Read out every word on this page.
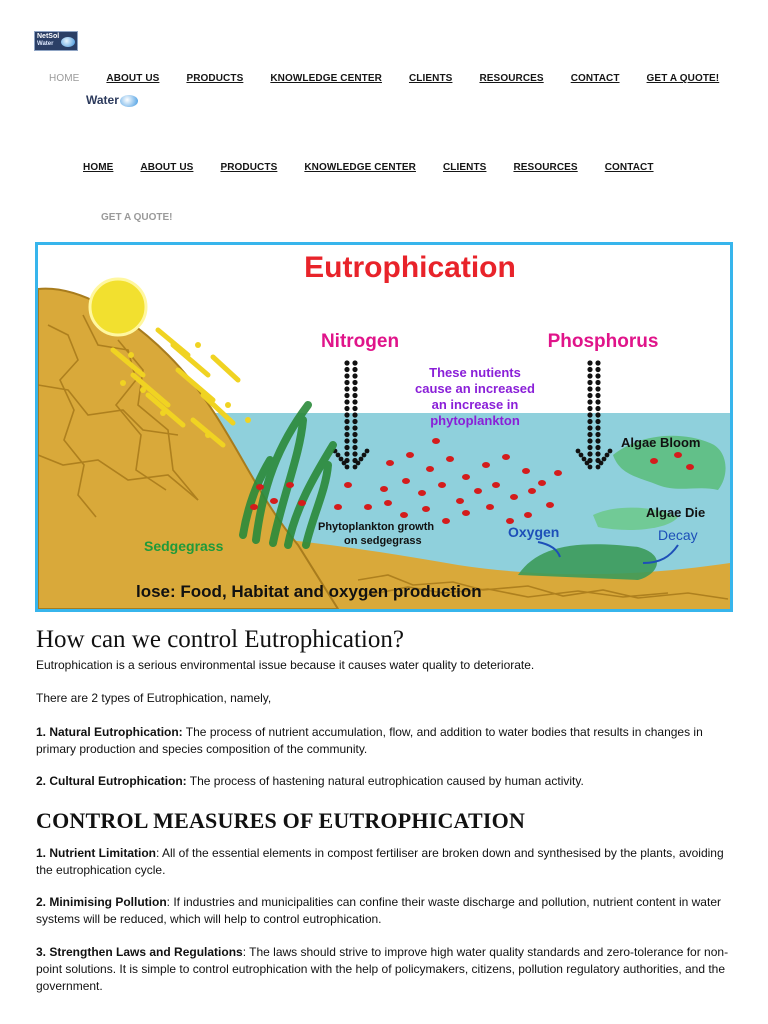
NetSol
Water
HOME	ABOUT US	PRODUCTS	KNOWLEDGE CENTER	CLIENTS	RESOURCES	CONTACT	GET A QUOTE!
Water
HOME	ABOUT US	PRODUCTS	KNOWLEDGE CENTER	CLIENTS	RESOURCES	CONTACT
GET A QUOTE!
Eutrophication
Nitrogen	Phosphorus
These nutients
cause an increased
an increase in
phytoplankton
Algae Bloom
Algae Die
Oxygen	Decay
Phytoplankton growth
on sedgegrass
Sedgegrass
lose: Food, Habitat and oxygen production
How can we control Eutrophication?

Eutrophication is a serious environmental issue because it causes water quality to deteriorate.

There are 2 types of Eutrophication, namely,

1. Natural Eutrophication: The process of nutrient accumulation, flow, and addition to water bodies that results in changes in primary production and species composition of the community.

2. Cultural Eutrophication: The process of hastening natural eutrophication caused by human activity.

CONTROL MEASURES OF EUTROPHICATION

1. Nutrient Limitation: All of the essential elements in compost fertiliser are broken down and synthesised by the plants, avoiding the eutrophication cycle.

2. Minimising Pollution: If industries and municipalities can confine their waste discharge and pollution, nutrient content in water systems will be reduced, which will help to control eutrophication.

3. Strengthen Laws and Regulations: The laws should strive to improve high water quality standards and zero-tolerance for non-point solutions. It is simple to control eutrophication with the help of policymakers, citizens, pollution regulatory authorities, and the government.
